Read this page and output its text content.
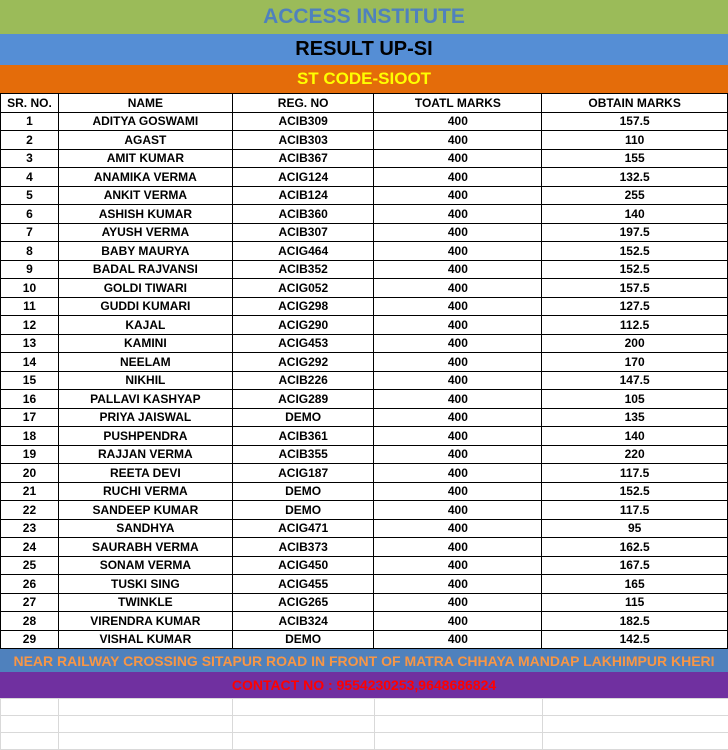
ACCESS INSTITUTE
RESULT UP-SI
ST CODE-SIOOT
SR. NO.	NAME	REG. NO	TOATL MARKS	OBTAIN MARKS
1	ADITYA GOSWAMI	ACIB309	400	157.5
2	AGAST	ACIB303	400	110
3	AMIT KUMAR	ACIB367	400	155
4	ANAMIKA VERMA	ACIG124	400	132.5
5	ANKIT VERMA	ACIB124	400	255
6	ASHISH KUMAR	ACIB360	400	140
7	AYUSH VERMA	ACIB307	400	197.5
8	BABY MAURYA	ACIG464	400	152.5
9	BADAL RAJVANSI	ACIB352	400	152.5
10	GOLDI TIWARI	ACIG052	400	157.5
11	GUDDI KUMARI	ACIG298	400	127.5
12	KAJAL	ACIG290	400	112.5
13	KAMINI	ACIG453	400	200
14	NEELAM	ACIG292	400	170
15	NIKHIL	ACIB226	400	147.5
16	PALLAVI KASHYAP	ACIG289	400	105
17	PRIYA JAISWAL	DEMO	400	135
18	PUSHPENDRA	ACIB361	400	140
19	RAJJAN VERMA	ACIB355	400	220
20	REETA DEVI	ACIG187	400	117.5
21	RUCHI VERMA	DEMO	400	152.5
22	SANDEEP KUMAR	DEMO	400	117.5
23	SANDHYA	ACIG471	400	95
24	SAURABH VERMA	ACIB373	400	162.5
25	SONAM VERMA	ACIG450	400	167.5
26	TUSKI SING	ACIG455	400	165
27	TWINKLE	ACIG265	400	115
28	VIRENDRA KUMAR	ACIB324	400	182.5
29	VISHAL KUMAR	DEMO	400	142.5
NEAR RAILWAY CROSSING SITAPUR ROAD IN FRONT OF MATRA CHHAYA MANDAP LAKHIMPUR KHERI
CONTACT NO : 9554230253,9648686824
